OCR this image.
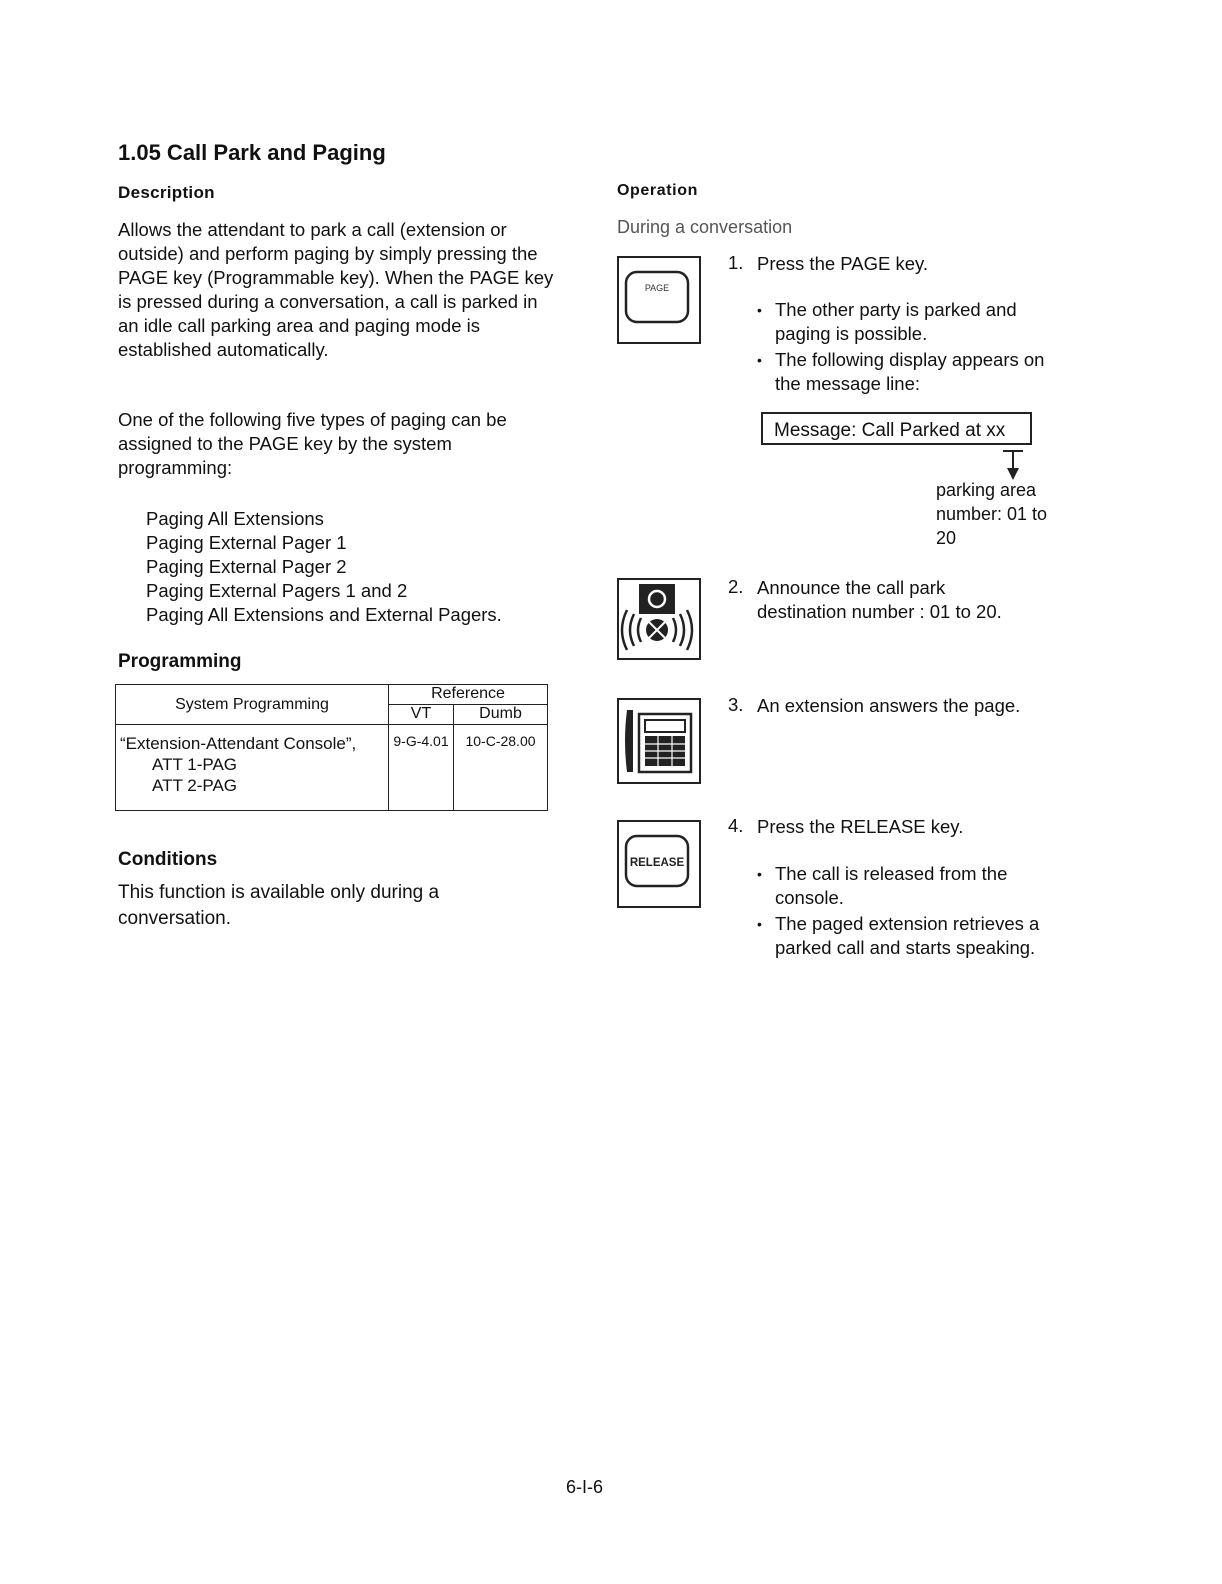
1.05 Call Park and Paging
Description
Allows the attendant to park a call (extension or outside) and perform paging by simply pressing the PAGE key (Programmable key). When the PAGE key is pressed during a conversation, a call is parked in an idle call parking area and paging mode is established automatically.
One of the following five types of paging can be assigned to the PAGE key by the system programming:
Paging All Extensions
Paging External Pager 1
Paging External Pager 2
Paging External Pagers 1 and 2
Paging All Extensions and External Pagers.
Programming
System Programming	Reference	
	VT	Dumb

“Extension-Attendant Console”,
ATT 1-PAG
ATT 2-PAG	9-G-4.01	10-C-28.00
Conditions
This function is available only during a conversation.
Operation
During a conversation
PAGE
1. Press the PAGE key.
• The other party is parked and paging is possible.
• The following display appears on the message line:
Message: Call Parked at xx
parking area number: 01 to 20
2. Announce the call park destination number : 01 to 20.
3. An extension answers the page.
RELEASE
4. Press the RELEASE key.
• The call is released from the console.
• The paged extension retrieves a parked call and starts speaking.
6-I-6
